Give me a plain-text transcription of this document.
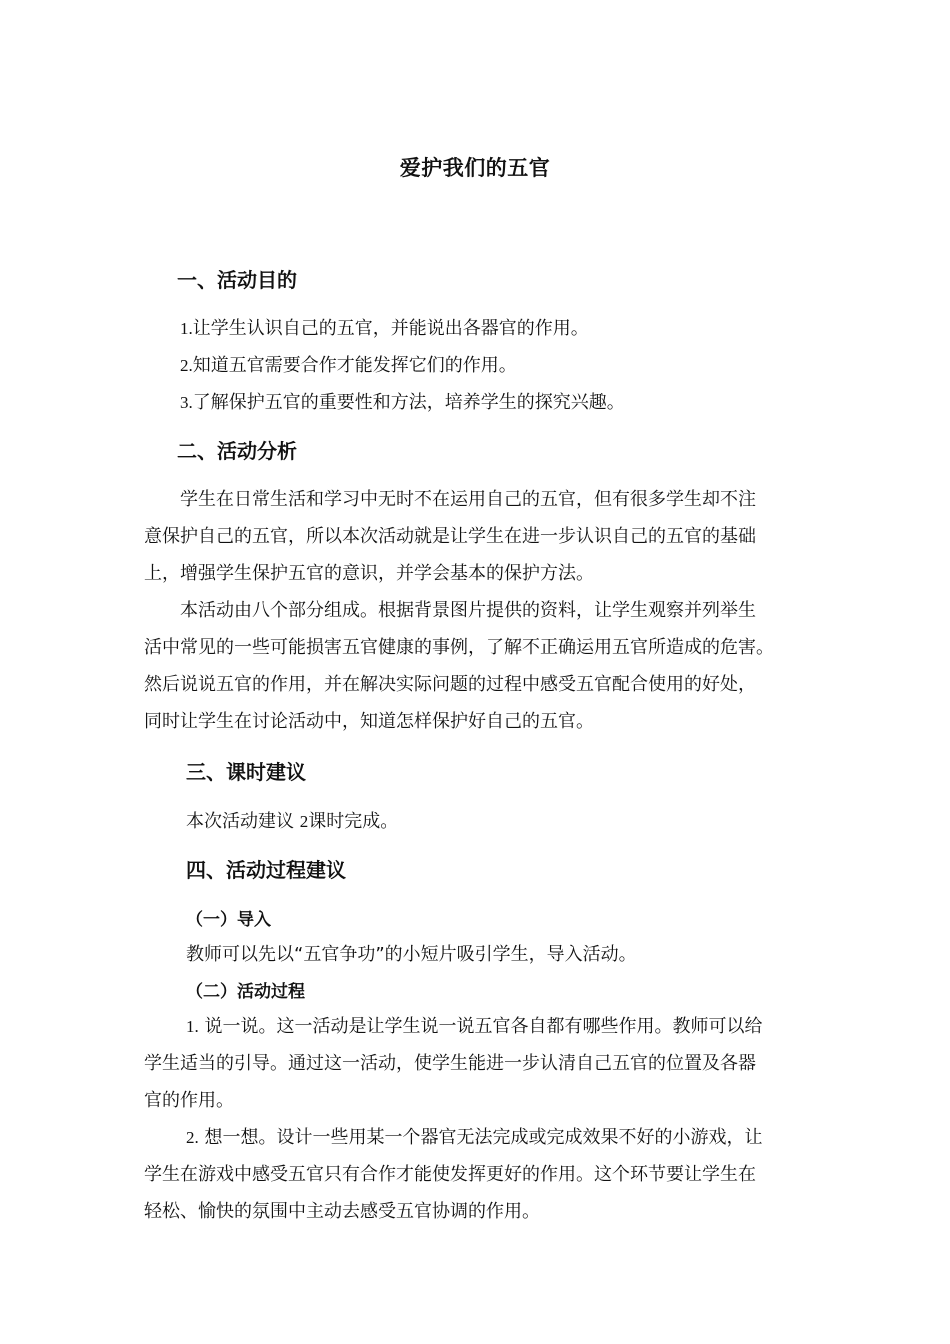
爱护我们的五官
一、活动目的
1.让学生认识自己的五官，并能说出各器官的作用。
2.知道五官需要合作才能发挥它们的作用。
3.了解保护五官的重要性和方法，培养学生的探究兴趣。
二、活动分析
学生在日常生活和学习中无时不在运用自己的五官，但有很多学生却不注
意保护自己的五官，所以本次活动就是让学生在进一步认识自己的五官的基础
上，增强学生保护五官的意识，并学会基本的保护方法。
本活动由八个部分组成。根据背景图片提供的资料，让学生观察并列举生
活中常见的一些可能损害五官健康的事例，了解不正确运用五官所造成的危害。
然后说说五官的作用，并在解决实际问题的过程中感受五官配合使用的好处，
同时让学生在讨论活动中，知道怎样保护好自己的五官。
三、课时建议
本次活动建议 2课时完成。
四、活动过程建议
（一）导入
教师可以先以“五官争功”的小短片吸引学生，导入活动。
（二）活动过程
1. 说一说。这一活动是让学生说一说五官各自都有哪些作用。教师可以给
学生适当的引导。通过这一活动，使学生能进一步认清自己五官的位置及各器
官的作用。
2. 想一想。设计一些用某一个器官无法完成或完成效果不好的小游戏，让
学生在游戏中感受五官只有合作才能使发挥更好的作用。这个环节要让学生在
轻松、愉快的氛围中主动去感受五官协调的作用。
